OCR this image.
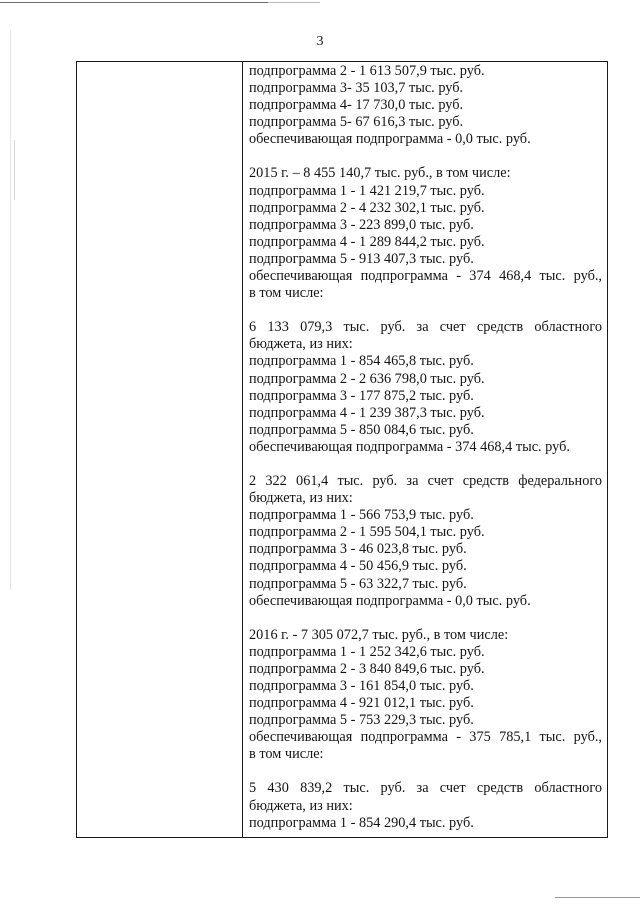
3
подпрограмма 2 - 1 613 507,9 тыс. руб.
подпрограмма 3- 35 103,7 тыс. руб.
подпрограмма 4- 17 730,0 тыс. руб.
подпрограмма 5- 67 616,3 тыс. руб.
обеспечивающая подпрограмма - 0,0 тыс. руб.
2015 г. – 8 455 140,7 тыс. руб., в том числе:
подпрограмма 1 - 1 421 219,7 тыс. руб.
подпрограмма 2 - 4 232 302,1 тыс. руб.
подпрограмма 3 - 223 899,0 тыс. руб.
подпрограмма 4 - 1 289 844,2 тыс. руб.
подпрограмма 5 - 913 407,3 тыс. руб.
обеспечивающая подпрограмма - 374 468,4 тыс. руб.,
в том числе:
6 133 079,3 тыс. руб. за счет средств областного
бюджета, из них:
подпрограмма 1 - 854 465,8 тыс. руб.
подпрограмма 2 - 2 636 798,0 тыс. руб.
подпрограмма 3 - 177 875,2 тыс. руб.
подпрограмма 4 - 1 239 387,3 тыс. руб.
подпрограмма 5 - 850 084,6 тыс. руб.
обеспечивающая подпрограмма - 374 468,4 тыс. руб.
2 322 061,4 тыс. руб. за счет средств федерального
бюджета, из них:
подпрограмма 1 - 566 753,9 тыс. руб.
подпрограмма 2 - 1 595 504,1 тыс. руб.
подпрограмма 3 - 46 023,8 тыс. руб.
подпрограмма 4 - 50 456,9 тыс. руб.
подпрограмма 5 - 63 322,7 тыс. руб.
обеспечивающая подпрограмма - 0,0 тыс. руб.
2016 г. - 7 305 072,7 тыс. руб., в том числе:
подпрограмма 1 - 1 252 342,6 тыс. руб.
подпрограмма 2 - 3 840 849,6 тыс. руб.
подпрограмма 3 - 161 854,0 тыс. руб.
подпрограмма 4 - 921 012,1 тыс. руб.
подпрограмма 5 - 753 229,3 тыс. руб.
обеспечивающая подпрограмма - 375 785,1 тыс. руб.,
в том числе:
5 430 839,2 тыс. руб. за счет средств областного
бюджета, из них:
подпрограмма 1 - 854 290,4 тыс. руб.
